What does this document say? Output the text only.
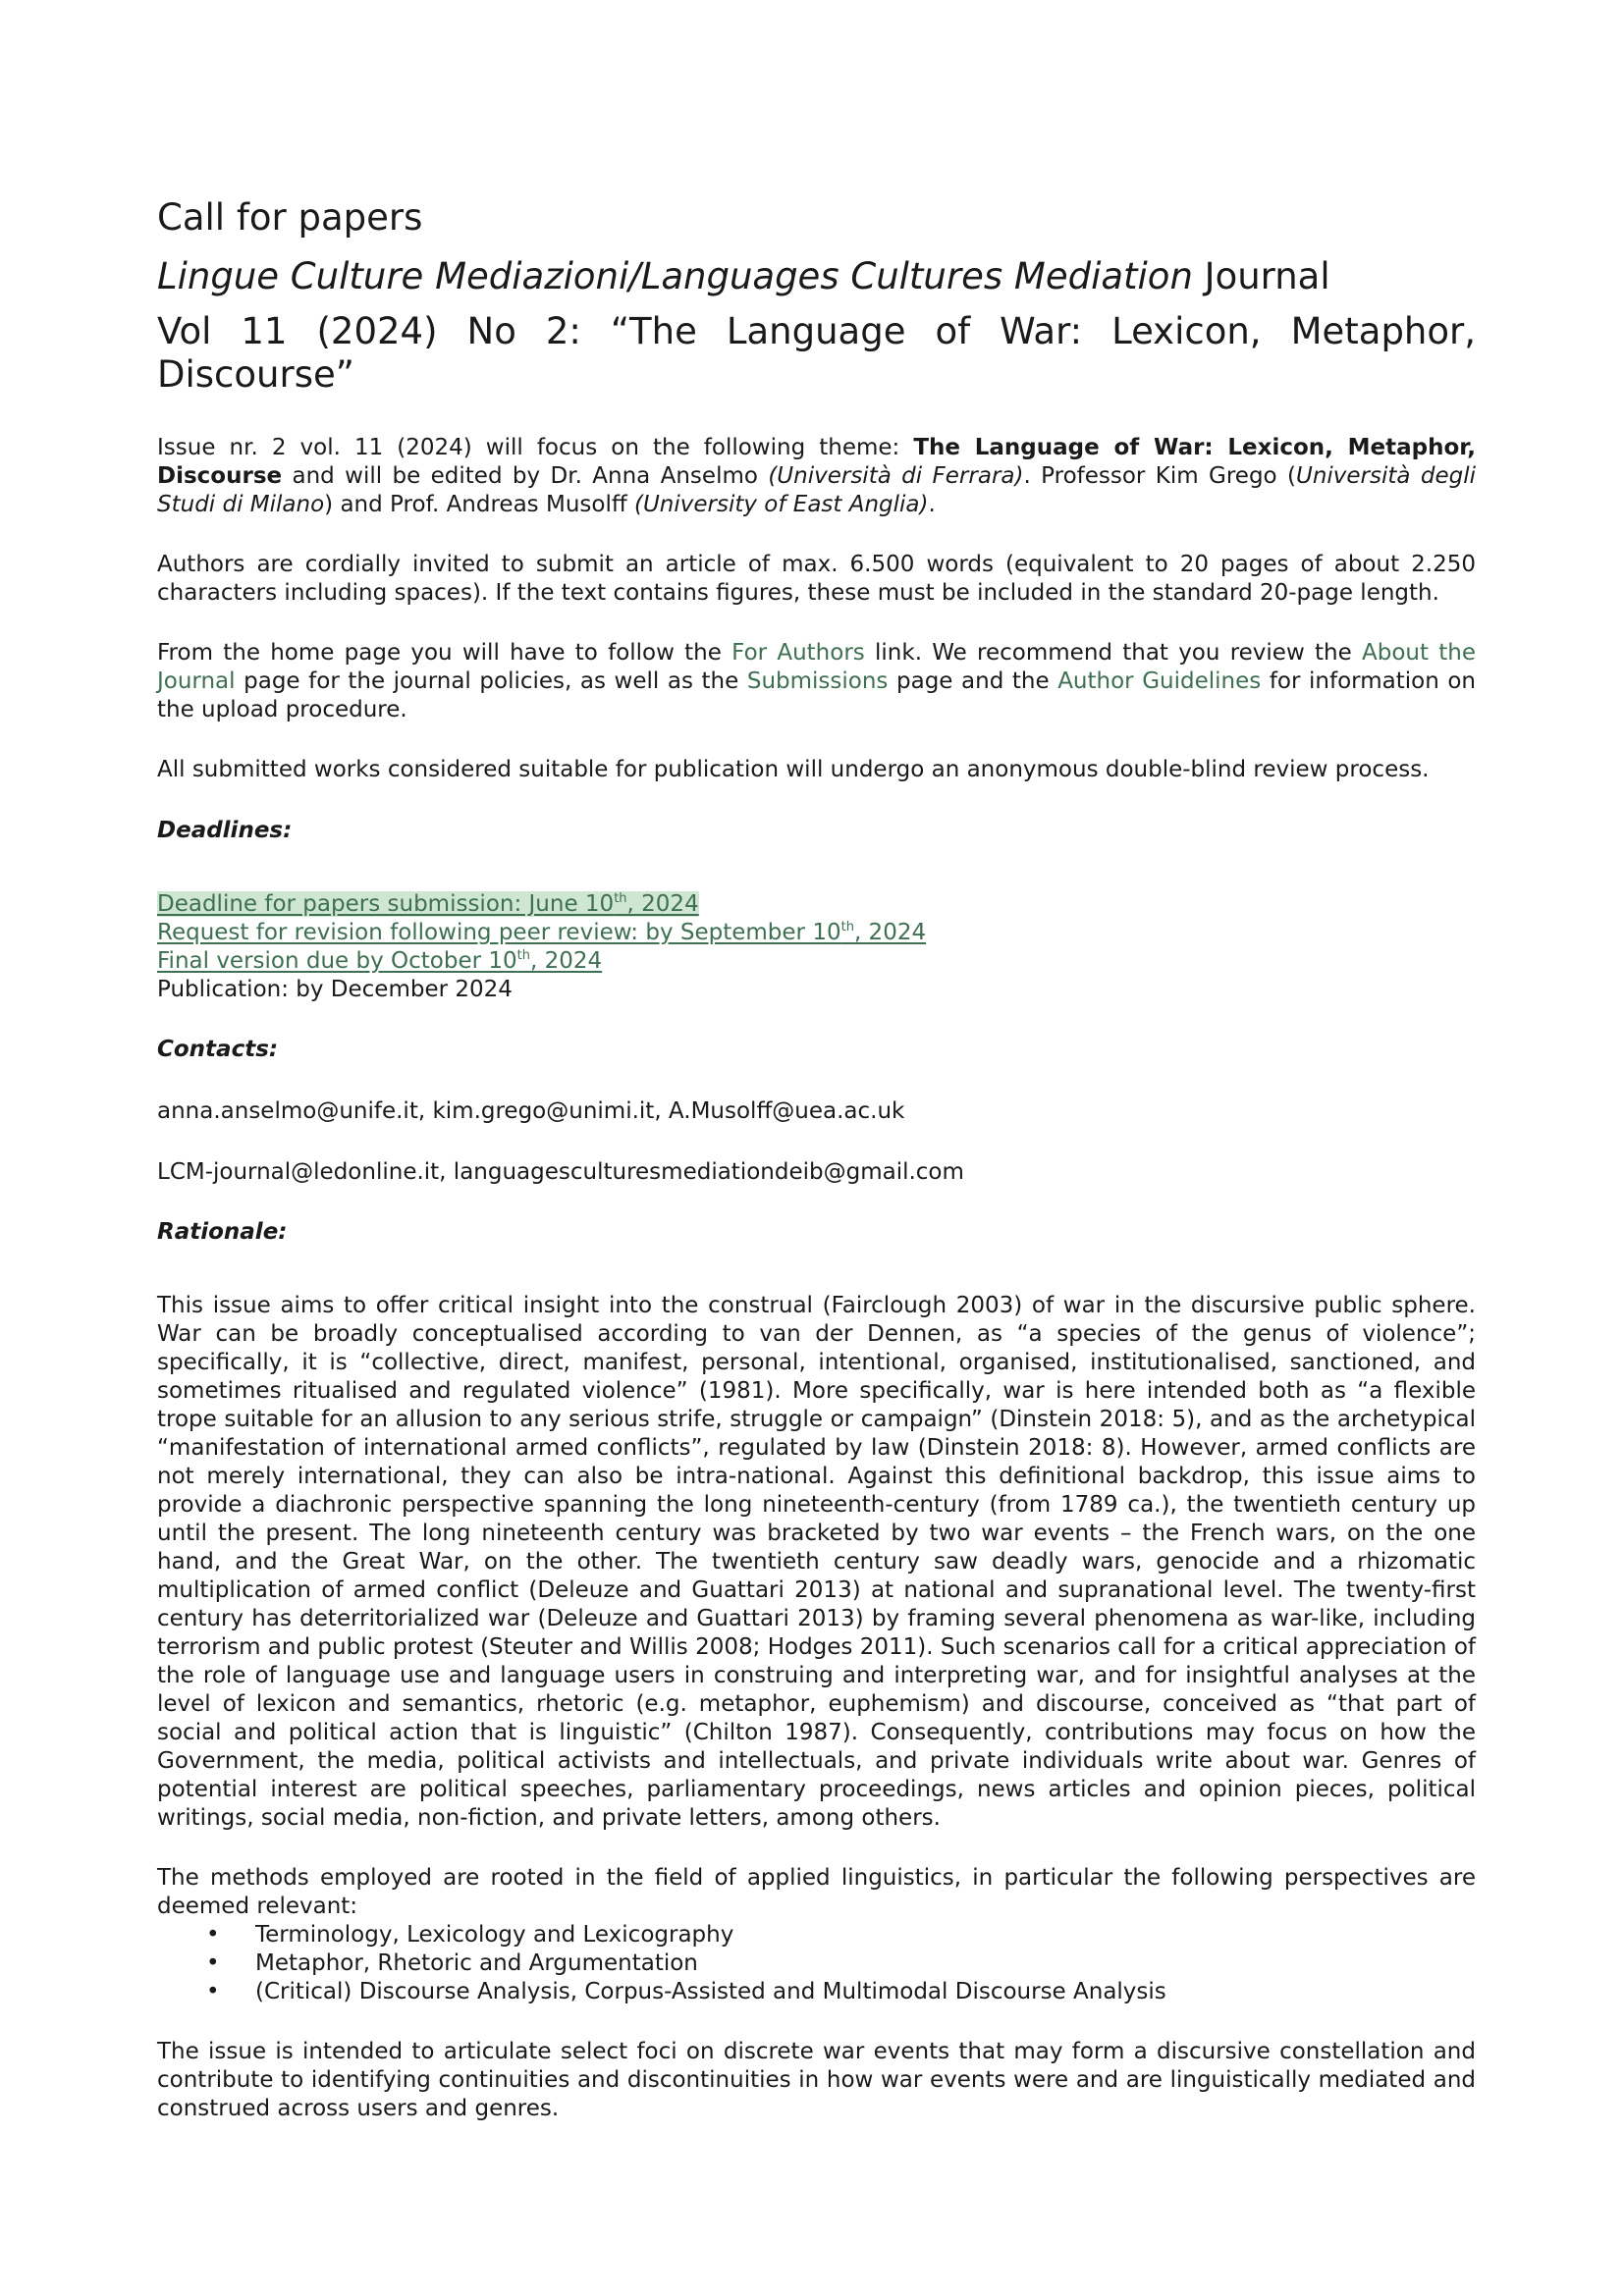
Call for papers
Lingue Culture Mediazioni/Languages Cultures Mediation Journal
Vol 11 (2024) No 2: “The Language of War: Lexicon, Metaphor, Discourse”

Issue nr. 2 vol. 11 (2024) will focus on the following theme: The Language of War: Lexicon, Metaphor, Discourse and will be edited by Dr. Anna Anselmo (Università di Ferrara). Professor Kim Grego (Università degli Studi di Milano) and Prof. Andreas Musolff (University of East Anglia).

Authors are cordially invited to submit an article of max. 6.500 words (equivalent to 20 pages of about 2.250 characters including spaces). If the text contains figures, these must be included in the standard 20-page length.

From the home page you will have to follow the For Authors link. We recommend that you review the About the Journal page for the journal policies, as well as the Submissions page and the Author Guidelines for information on the upload procedure.

All submitted works considered suitable for publication will undergo an anonymous double-blind review process.

Deadlines:
Deadline for papers submission: June 10th, 2024
Request for revision following peer review: by September 10th, 2024
Final version due by October 10th, 2024
Publication: by December 2024
Contacts:

anna.anselmo@unife.it, kim.grego@unimi.it, A.Musolff@uea.ac.uk

LCM-journal@ledonline.it, languagesculturesmediationdeib@gmail.com

Rationale:

This issue aims to offer critical insight into the construal (Fairclough 2003) of war in the discursive public sphere. War can be broadly conceptualised according to van der Dennen, as “a species of the genus of violence”; specifically, it is “collective, direct, manifest, personal, intentional, organised, institutionalised, sanctioned, and sometimes ritualised and regulated violence” (1981). More specifically, war is here intended both as “a flexible trope suitable for an allusion to any serious strife, struggle or campaign” (Dinstein 2018: 5), and as the archetypical “manifestation of international armed conflicts”, regulated by law (Dinstein 2018: 8). However, armed conflicts are not merely international, they can also be intra-national. Against this definitional backdrop, this issue aims to provide a diachronic perspective spanning the long nineteenth-century (from 1789 ca.), the twentieth century up until the present. The long nineteenth century was bracketed by two war events – the French wars, on the one hand, and the Great War, on the other. The twentieth century saw deadly wars, genocide and a rhizomatic multiplication of armed conflict (Deleuze and Guattari 2013) at national and supranational level. The twenty-first century has deterritorialized war (Deleuze and Guattari 2013) by framing several phenomena as war-like, including terrorism and public protest (Steuter and Willis 2008; Hodges 2011). Such scenarios call for a critical appreciation of the role of language use and language users in construing and interpreting war, and for insightful analyses at the level of lexicon and semantics, rhetoric (e.g. metaphor, euphemism) and discourse, conceived as “that part of social and political action that is linguistic” (Chilton 1987). Consequently, contributions may focus on how the Government, the media, political activists and intellectuals, and private individuals write about war. Genres of potential interest are political speeches, parliamentary proceedings, news articles and opinion pieces, political writings, social media, non-fiction, and private letters, among others.

The methods employed are rooted in the field of applied linguistics, in particular the following perspectives are deemed relevant:

• Terminology, Lexicology and Lexicography
• Metaphor, Rhetoric and Argumentation
• (Critical) Discourse Analysis, Corpus-Assisted and Multimodal Discourse Analysis

The issue is intended to articulate select foci on discrete war events that may form a discursive constellation and contribute to identifying continuities and discontinuities in how war events were and are linguistically mediated and construed across users and genres.
